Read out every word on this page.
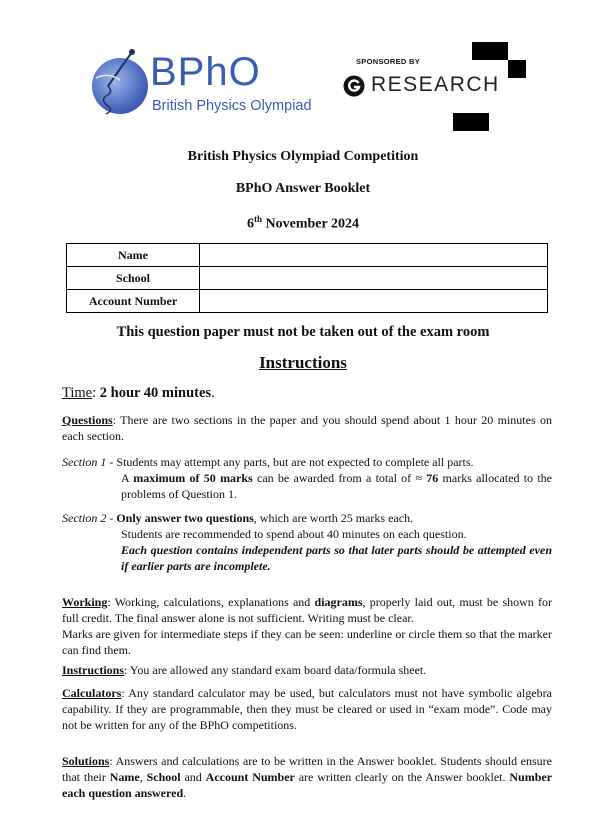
BPhO
British Physics Olympiad
SPONSORED BY
RESEARCH
British Physics Olympiad Competition
BPhO Answer Booklet
6th November 2024
Name	
School	
Account Number	
This question paper must not be taken out of the exam room
Instructions
Time: 2 hour 40 minutes.
Questions: There are two sections in the paper and you should spend about 1 hour 20 minutes on each section.
Section 1 - Students may attempt any parts, but are not expected to complete all parts.
A maximum of 50 marks can be awarded from a total of ≈ 76 marks allocated to the problems of Question 1.
Section 2 - Only answer two questions, which are worth 25 marks each.
Students are recommended to spend about 40 minutes on each question.
Each question contains independent parts so that later parts should be attempted even if earlier parts are incomplete.
Working: Working, calculations, explanations and diagrams, properly laid out, must be shown for full credit. The final answer alone is not sufficient. Writing must be clear.
Marks are given for intermediate steps if they can be seen: underline or circle them so that the marker can find them.
Instructions: You are allowed any standard exam board data/formula sheet.
Calculators: Any standard calculator may be used, but calculators must not have symbolic algebra capability. If they are programmable, then they must be cleared or used in “exam mode”. Code may not be written for any of the BPhO competitions.
Solutions: Answers and calculations are to be written in the Answer booklet. Students should ensure that their Name, School and Account Number are written clearly on the Answer booklet. Number each question answered.
